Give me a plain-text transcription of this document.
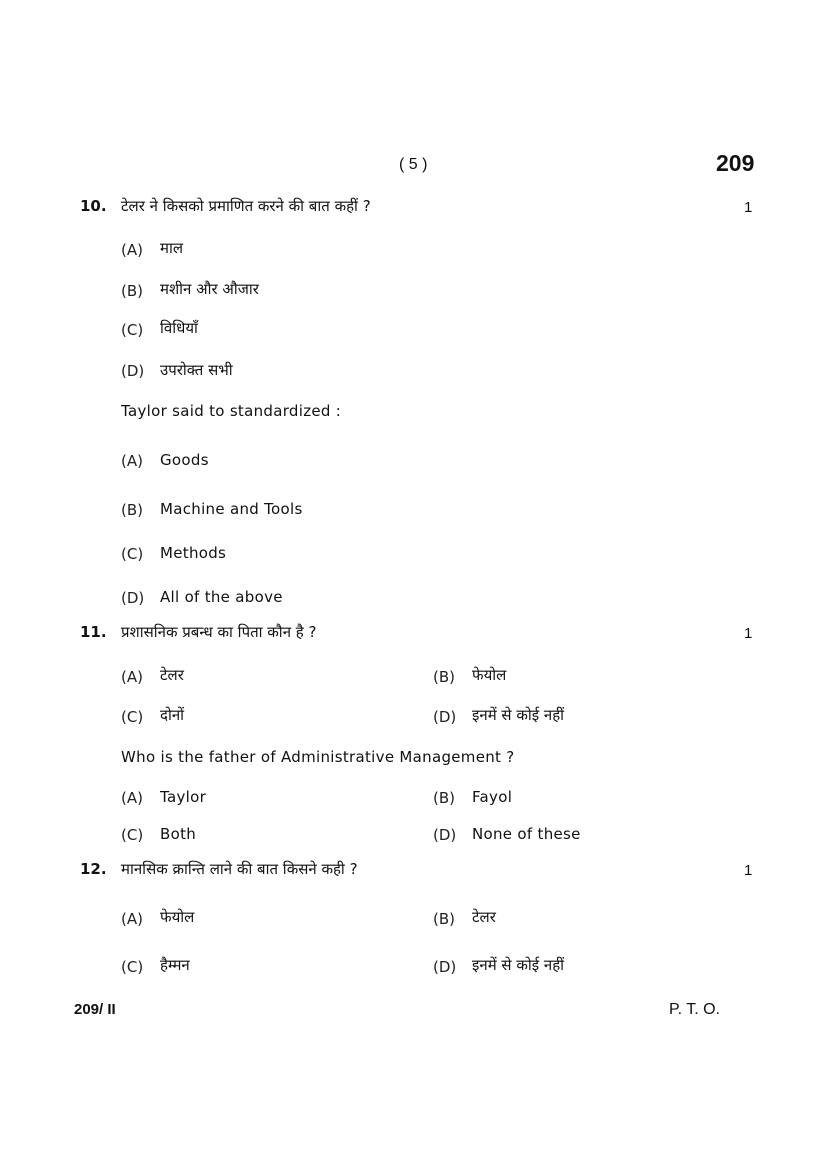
( 5 )	209
10. टेलर ने किसको प्रमाणित करने की बात कहीं ?	1
(A) माल
(B) मशीन और औजार
(C) विधियाँ
(D) उपरोक्त सभी
Taylor said to standardized :
(A) Goods
(B) Machine and Tools
(C) Methods
(D) All of the above
11. प्रशासनिक प्रबन्ध का पिता कौन है ?	1
(A) टेलर	(B) फेयोल
(C) दोनों	(D) इनमें से कोई नहीं
Who is the father of Administrative Management ?
(A) Taylor	(B) Fayol
(C) Both	(D) None of these
12. मानसिक क्रान्ति लाने की बात किसने कही ?	1
(A) फेयोल	(B) टेलर
(C) हैम्मन	(D) इनमें से कोई नहीं
209/ II	P. T. O.
